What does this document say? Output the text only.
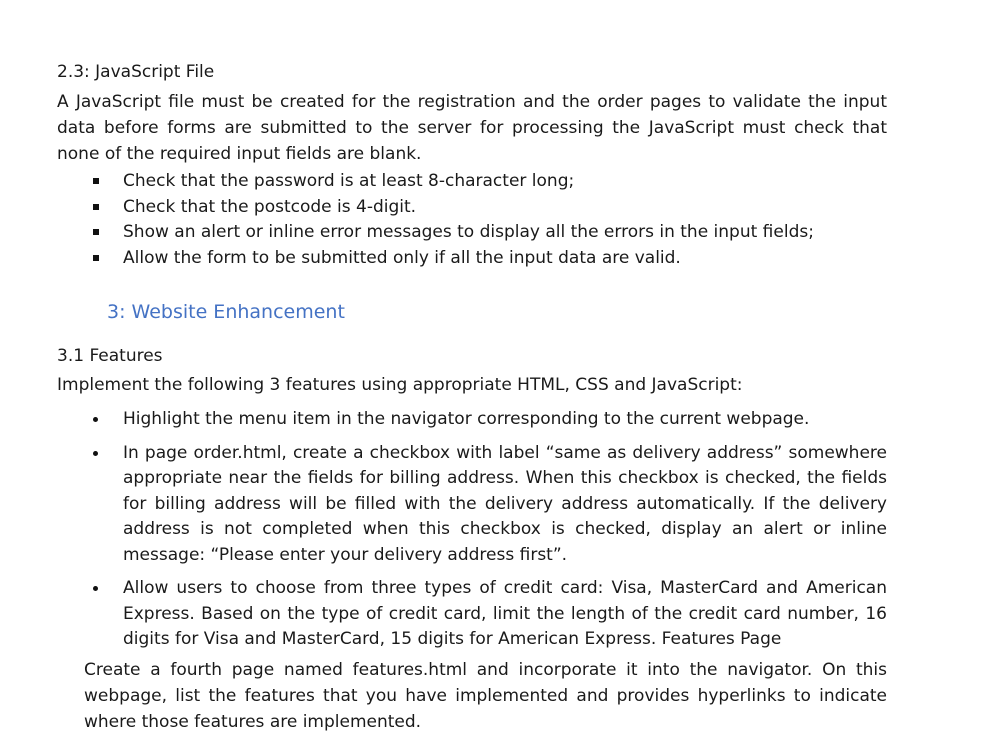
2.3: JavaScript File

A JavaScript file must be created for the registration and the order pages to validate the input data before forms are submitted to the server for processing the JavaScript must check that none of the required input fields are blank.

Check that the password is at least 8-character long;
Check that the postcode is 4-digit.
Show an alert or inline error messages to display all the errors in the input fields;
Allow the form to be submitted only if all the input data are valid.

3: Website Enhancement

3.1 Features

Implement the following 3 features using appropriate HTML, CSS and JavaScript:

Highlight the menu item in the navigator corresponding to the current webpage.
In page order.html, create a checkbox with label “same as delivery address” somewhere appropriate near the fields for billing address. When this checkbox is checked, the fields for billing address will be filled with the delivery address automatically. If the delivery address is not completed when this checkbox is checked, display an alert or inline message: “Please enter your delivery address first”.
Allow users to choose from three types of credit card: Visa, MasterCard and American Express. Based on the type of credit card, limit the length of the credit card number, 16 digits for Visa and MasterCard, 15 digits for American Express. Features Page

Create a fourth page named features.html and incorporate it into the navigator. On this webpage, list the features that you have implemented and provides hyperlinks to indicate where those features are implemented.
